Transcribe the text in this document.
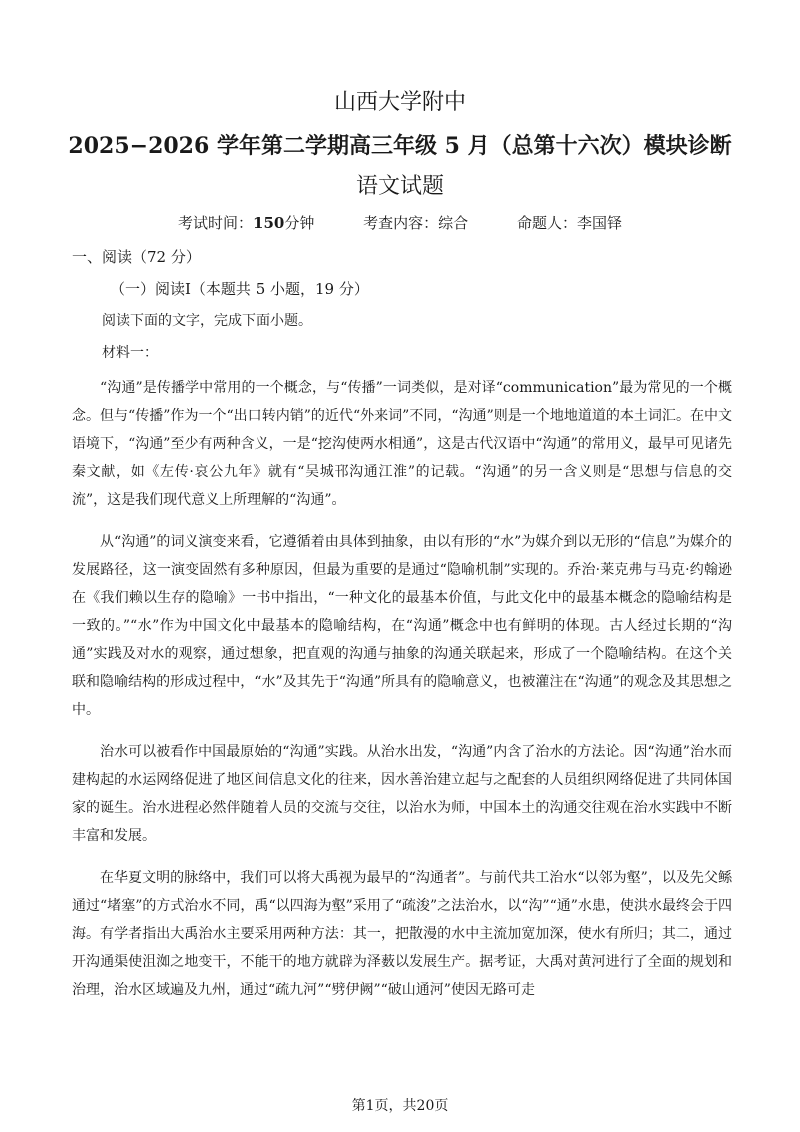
山西大学附中
2025−2026 学年第二学期高三年级 5 月（总第十六次）模块诊断
语文试题
考试时间：150分钟	考查内容：综合	命题人：李国铎
一、阅读（72 分）
（一）阅读Ⅰ（本题共 5 小题，19 分）
阅读下面的文字，完成下面小题。
材料一：

“沟通”是传播学中常用的一个概念，与“传播”一词类似，是对译“communication”最为常见的一个概念。但与“传播”作为一个“出口转内销”的近代“外来词”不同，“沟通”则是一个地地道道的本土词汇。在中文语境下，“沟通”至少有两种含义，一是“挖沟使两水相通”，这是古代汉语中“沟通”的常用义，最早可见诸先秦文献，如《左传·哀公九年》就有“吴城邗沟通江淮”的记载。“沟通”的另一含义则是“思想与信息的交流”，这是我们现代意义上所理解的“沟通”。

从“沟通”的词义演变来看，它遵循着由具体到抽象，由以有形的“水”为媒介到以无形的“信息”为媒介的发展路径，这一演变固然有多种原因，但最为重要的是通过“隐喻机制”实现的。乔治·莱克弗与马克·约翰逊在《我们赖以生存的隐喻》一书中指出，“一种文化的最基本价值，与此文化中的最基本概念的隐喻结构是一致的。”“水”作为中国文化中最基本的隐喻结构，在“沟通”概念中也有鲜明的体现。古人经过长期的“沟通”实践及对水的观察，通过想象，把直观的沟通与抽象的沟通关联起来，形成了一个隐喻结构。在这个关联和隐喻结构的形成过程中，“水”及其先于“沟通”所具有的隐喻意义，也被灌注在“沟通”的观念及其思想之中。

治水可以被看作中国最原始的“沟通”实践。从治水出发，“沟通”内含了治水的方法论。因“沟通”治水而建构起的水运网络促进了地区间信息文化的往来，因水善治建立起与之配套的人员组织网络促进了共同体国家的诞生。治水进程必然伴随着人员的交流与交往，以治水为师，中国本土的沟通交往观在治水实践中不断丰富和发展。

在华夏文明的脉络中，我们可以将大禹视为最早的“沟通者”。与前代共工治水“以邻为壑”，以及先父鲧通过“堵塞”的方式治水不同，禹“以四海为壑”采用了“疏浚”之法治水，以“沟”“通”水患，使洪水最终会于四海。有学者指出大禹治水主要采用两种方法：其一，把散漫的水中主流加宽加深，使水有所归；其二，通过开沟通渠使沮洳之地变干，不能干的地方就辟为泽薮以发展生产。据考证，大禹对黄河进行了全面的规划和治理，治水区域遍及九州，通过“疏九河”“劈伊阙”“破山通河”使因无路可走

第1页，共20页
